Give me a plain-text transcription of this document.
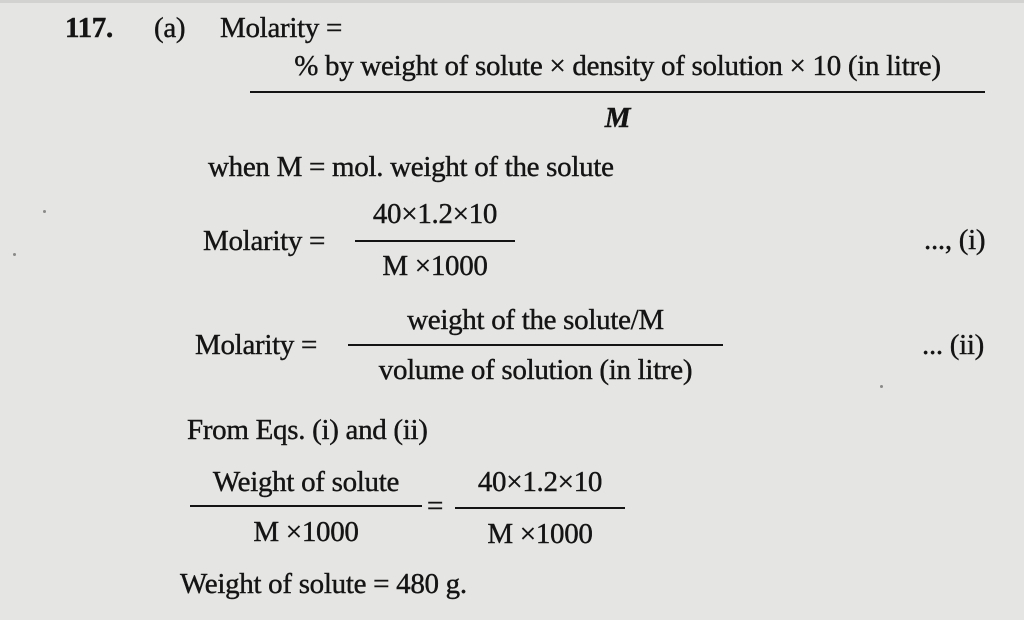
117. (a) Molarity =
% by weight of solute × density of solution × 10 (in litre)
M
when M = mol. weight of the solute
Molarity =
40×1.2×10
M ×1000
..., (i)
Molarity =
weight of the solute/M
volume of solution (in litre)
... (ii)
From Eqs. (i) and (ii)
Weight of solute
M ×1000
=
40×1.2×10
M ×1000
Weight of solute = 480 g.
